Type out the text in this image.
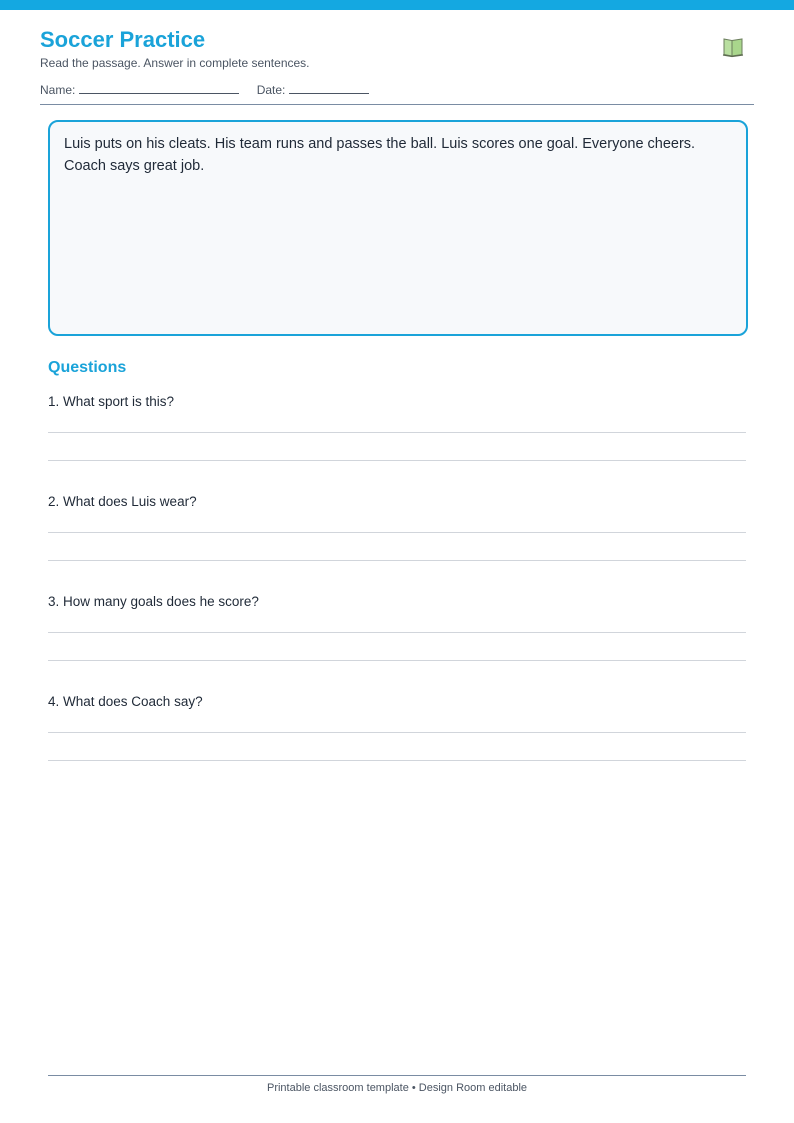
Soccer Practice
Read the passage. Answer in complete sentences.
Name:	Date:
Luis puts on his cleats. His team runs and passes the ball. Luis scores one goal. Everyone cheers. Coach says great job.
Questions
1. What sport is this?
2. What does Luis wear?
3. How many goals does he score?
4. What does Coach say?
Printable classroom template • Design Room editable
